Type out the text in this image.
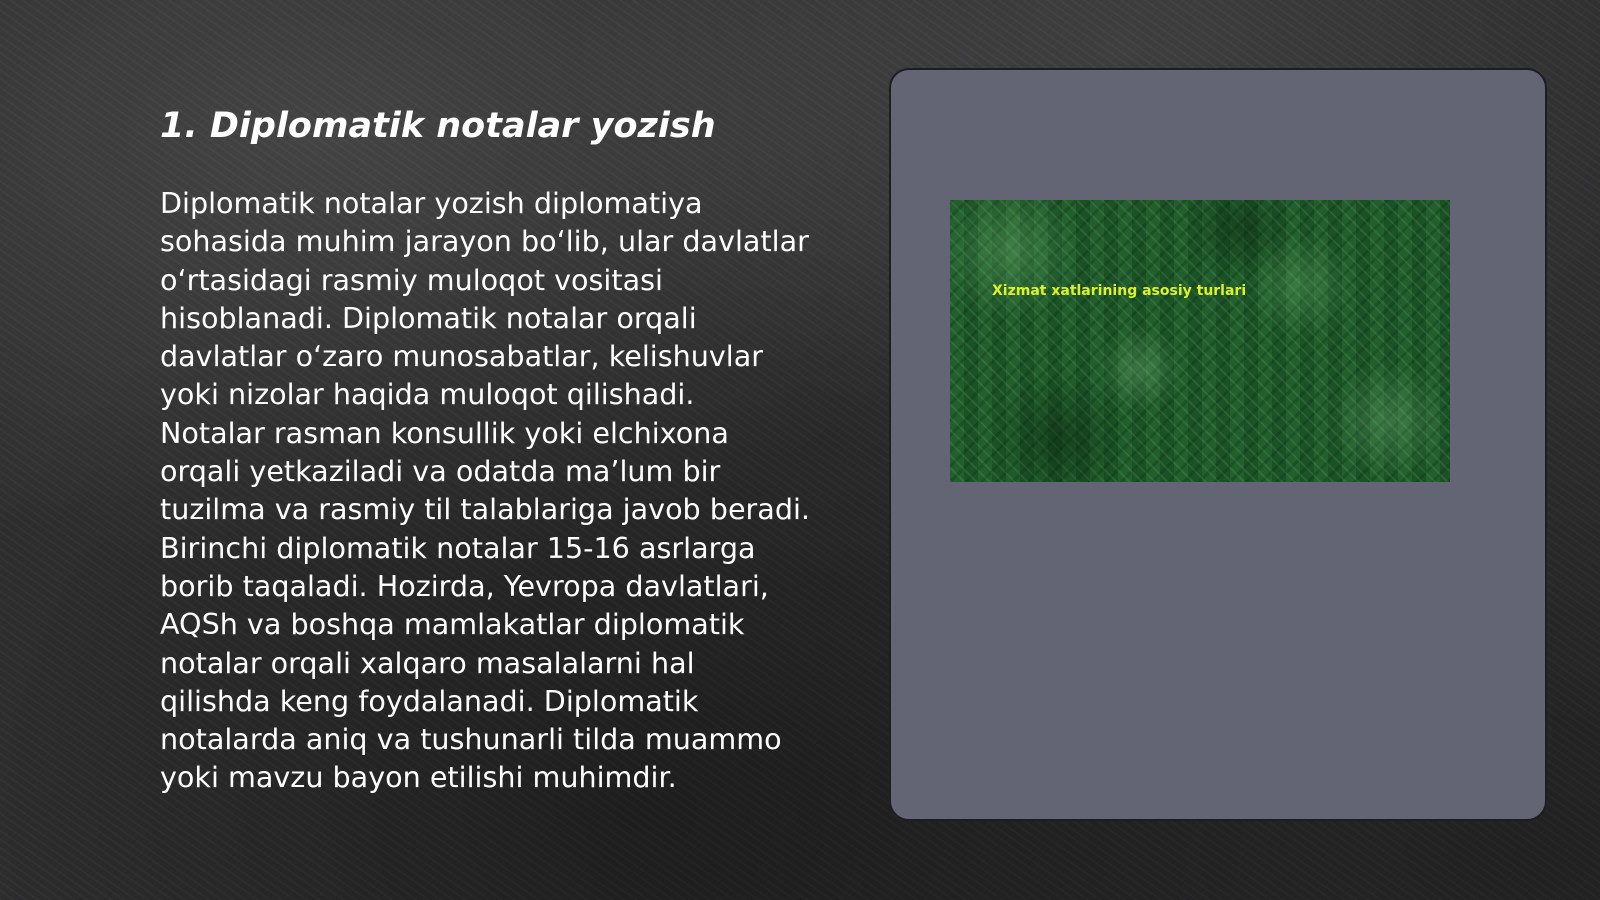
1. Diplomatik notalar yozish

Diplomatik notalar yozish diplomatiya
sohasida muhim jarayon bo‘lib, ular davlatlar
o‘rtasidagi rasmiy muloqot vositasi
hisoblanadi. Diplomatik notalar orqali
davlatlar o‘zaro munosabatlar, kelishuvlar
yoki nizolar haqida muloqot qilishadi.
Notalar rasman konsullik yoki elchixona
orqali yetkaziladi va odatda ma’lum bir
tuzilma va rasmiy til talablariga javob beradi.
Birinchi diplomatik notalar 15-16 asrlarga
borib taqaladi. Hozirda, Yevropa davlatlari,
AQSh va boshqa mamlakatlar diplomatik
notalar orqali xalqaro masalalarni hal
qilishda keng foydalanadi. Diplomatik
notalarda aniq va tushunarli tilda muammo
yoki mavzu bayon etilishi muhimdir.

Xizmat xatlarining asosiy turlari
